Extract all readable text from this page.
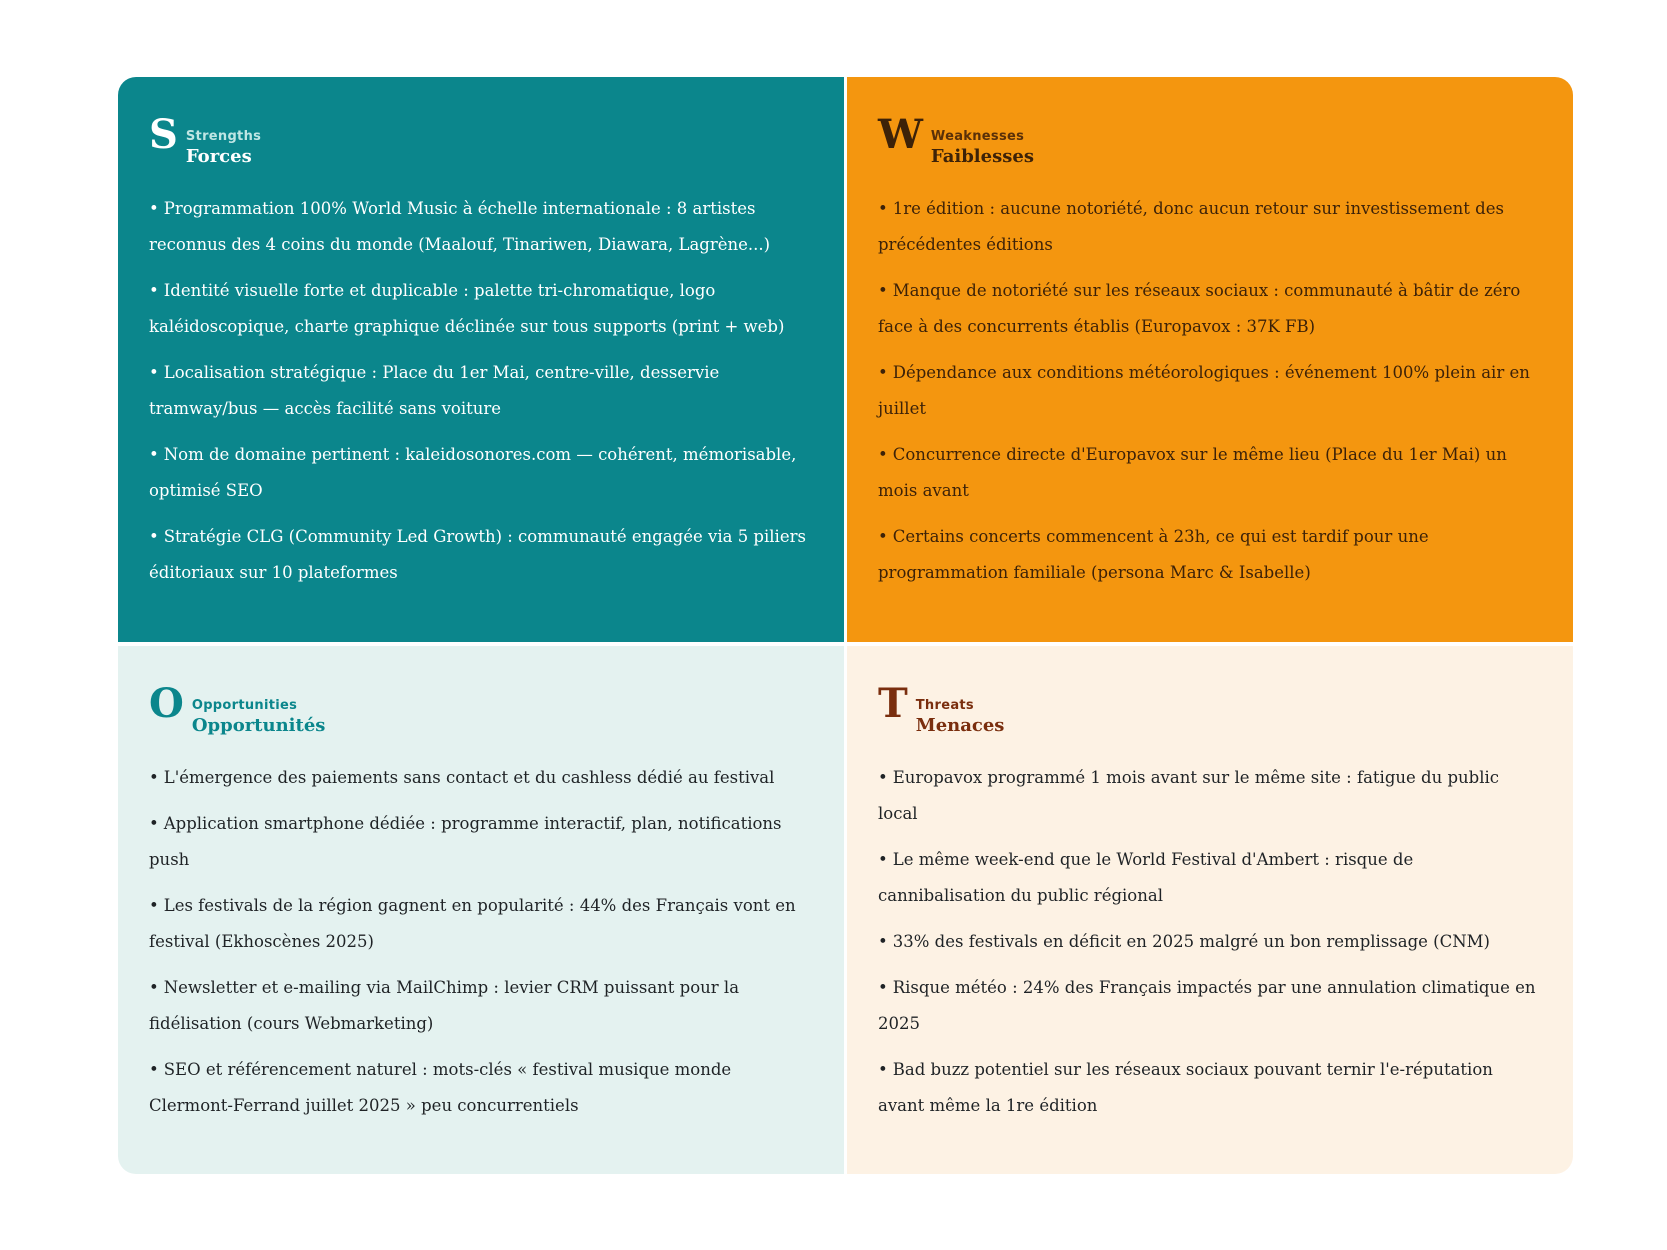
S Strengths
Forces
• Programmation 100% World Music à échelle internationale : 8 artistes reconnus des 4 coins du monde (Maalouf, Tinariwen, Diawara, Lagrène...)
• Identité visuelle forte et duplicable : palette tri-chromatique, logo kaléidoscopique, charte graphique déclinée sur tous supports (print + web)
• Localisation stratégique : Place du 1er Mai, centre-ville, desservie tramway/bus — accès facilité sans voiture
• Nom de domaine pertinent : kaleidosonores.com — cohérent, mémorisable, optimisé SEO
• Stratégie CLG (Community Led Growth) : communauté engagée via 5 piliers éditoriaux sur 10 plateformes
W Weaknesses
Faiblesses
• 1re édition : aucune notoriété, donc aucun retour sur investissement des précédentes éditions
• Manque de notoriété sur les réseaux sociaux : communauté à bâtir de zéro face à des concurrents établis (Europavox : 37K FB)
• Dépendance aux conditions météorologiques : événement 100% plein air en juillet
• Concurrence directe d'Europavox sur le même lieu (Place du 1er Mai) un mois avant
• Certains concerts commencent à 23h, ce qui est tardif pour une programmation familiale (persona Marc & Isabelle)
O Opportunities
Opportunités
• L'émergence des paiements sans contact et du cashless dédié au festival
• Application smartphone dédiée : programme interactif, plan, notifications push
• Les festivals de la région gagnent en popularité : 44% des Français vont en festival (Ekhoscènes 2025)
• Newsletter et e-mailing via MailChimp : levier CRM puissant pour la fidélisation (cours Webmarketing)
• SEO et référencement naturel : mots-clés « festival musique monde Clermont-Ferrand juillet 2025 » peu concurrentiels
T Threats
Menaces
• Europavox programmé 1 mois avant sur le même site : fatigue du public local
• Le même week-end que le World Festival d'Ambert : risque de cannibalisation du public régional
• 33% des festivals en déficit en 2025 malgré un bon remplissage (CNM)
• Risque météo : 24% des Français impactés par une annulation climatique en 2025
• Bad buzz potentiel sur les réseaux sociaux pouvant ternir l'e-réputation avant même la 1re édition
